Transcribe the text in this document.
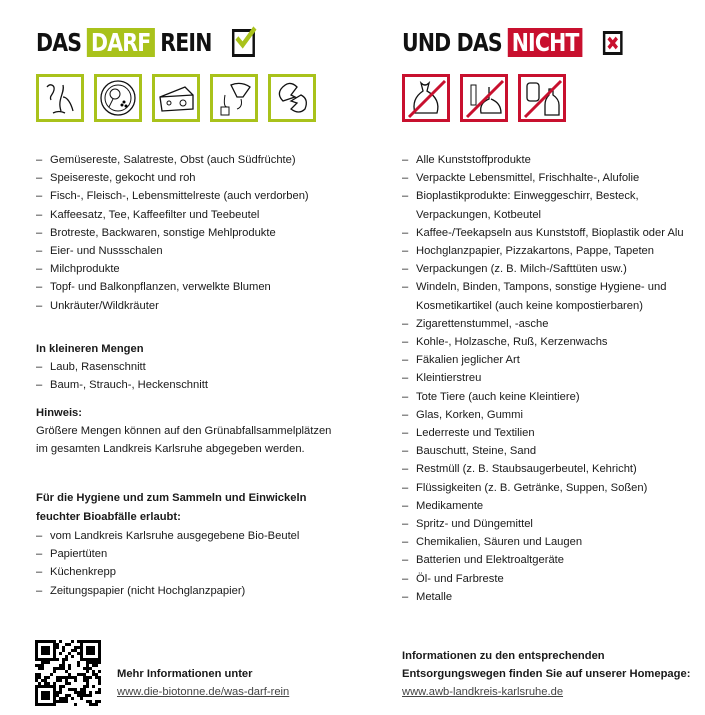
DAS DARF REIN
– Gemüsereste, Salatreste, Obst (auch Südfrüchte)
– Speisereste, gekocht und roh
– Fisch-, Fleisch-, Lebensmittelreste (auch verdorben)
– Kaffeesatz, Tee, Kaffeefilter und Teebeutel
– Brotreste, Backwaren, sonstige Mehlprodukte
– Eier- und Nussschalen
– Milchprodukte
– Topf- und Balkonpflanzen, verwelkte Blumen
– Unkräuter/Wildkräuter
In kleineren Mengen
– Laub, Rasenschnitt
– Baum-, Strauch-, Heckenschnitt
Hinweis:
Größere Mengen können auf den Grünabfallsammelplätzen
im gesamten Landkreis Karlsruhe abgegeben werden.
Für die Hygiene und zum Sammeln und Einwickeln
feuchter Bioabfälle erlaubt:
– vom Landkreis Karlsruhe ausgegebene Bio-Beutel
– Papiertüten
– Küchenkrepp
– Zeitungspapier (nicht Hochglanzpapier)
Mehr Informationen unter
www.die-biotonne.de/was-darf-rein
UND DAS NICHT
– Alle Kunststoffprodukte
– Verpackte Lebensmittel, Frischhalte-, Alufolie
– Bioplastikprodukte: Einweggeschirr, Besteck,
Verpackungen, Kotbeutel
– Kaffee-/Teekapseln aus Kunststoff, Bioplastik oder Alu
– Hochglanzpapier, Pizzakartons, Pappe, Tapeten
– Verpackungen (z. B. Milch-/Safttüten usw.)
– Windeln, Binden, Tampons, sonstige Hygiene- und
Kosmetikartikel (auch keine kompostierbaren)
– Zigarettenstummel, -asche
– Kohle-, Holzasche, Ruß, Kerzenwachs
– Fäkalien jeglicher Art
– Kleintierstreu
– Tote Tiere (auch keine Kleintiere)
– Glas, Korken, Gummi
– Lederreste und Textilien
– Bauschutt, Steine, Sand
– Restmüll (z. B. Staubsaugerbeutel, Kehricht)
– Flüssigkeiten (z. B. Getränke, Suppen, Soßen)
– Medikamente
– Spritz- und Düngemittel
– Chemikalien, Säuren und Laugen
– Batterien und Elektroaltgeräte
– Öl- und Farbreste
– Metalle
Informationen zu den entsprechenden
Entsorgungswegen finden Sie auf unserer Homepage:
www.awb-landkreis-karlsruhe.de
